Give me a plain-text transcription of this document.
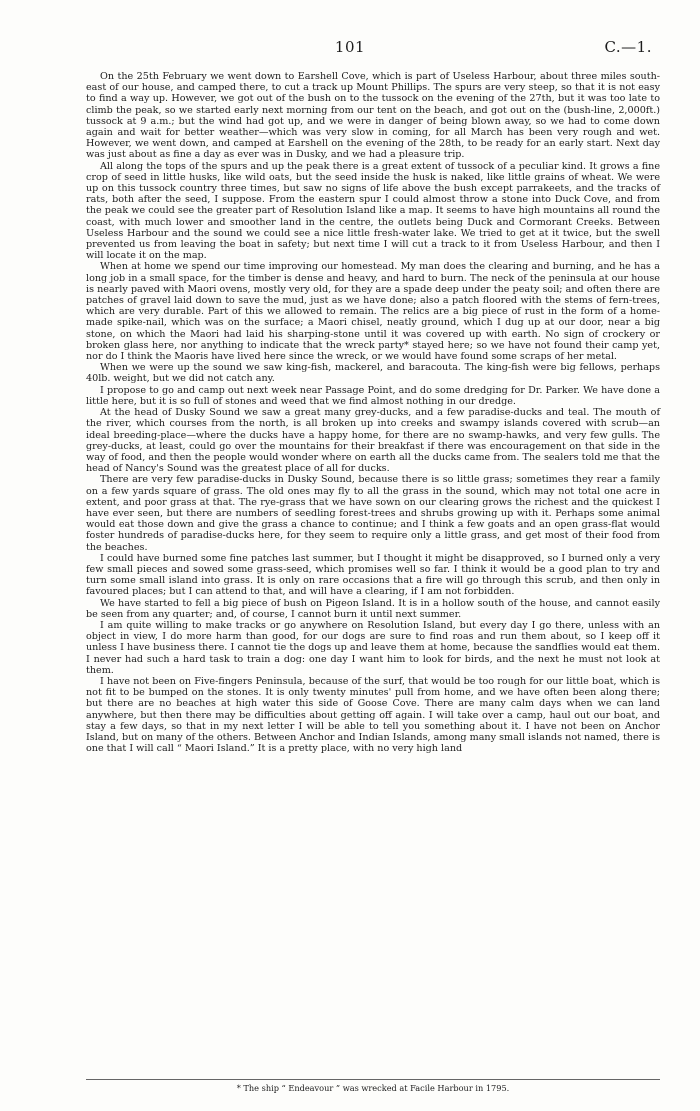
101	C.—1.

On the 25th February we went down to Earshell Cove, which is part of Useless Harbour, about three miles south-east of our house, and camped there, to cut a track up Mount Phillips. The spurs are very steep, so that it is not easy to find a way up. However, we got out of the bush on to the tussock on the evening of the 27th, but it was too late to climb the peak, so we started early next morning from our tent on the beach, and got out on the (bush-line, 2,000ft.) tussock at 9 a.m.; but the wind had got up, and we were in danger of being blown away, so we had to come down again and wait for better weather—which was very slow in coming, for all March has been very rough and wet. However, we went down, and camped at Earshell on the evening of the 28th, to be ready for an early start. Next day was just about as fine a day as ever was in Dusky, and we had a pleasure trip.

All along the tops of the spurs and up the peak there is a great extent of tussock of a peculiar kind. It grows a fine crop of seed in little husks, like wild oats, but the seed inside the husk is naked, like little grains of wheat. We were up on this tussock country three times, but saw no signs of life above the bush except parrakeets, and the tracks of rats, both after the seed, I suppose. From the eastern spur I could almost throw a stone into Duck Cove, and from the peak we could see the greater part of Resolution Island like a map. It seems to have high mountains all round the coast, with much lower and smoother land in the centre, the outlets being Duck and Cormorant Creeks. Between Useless Harbour and the sound we could see a nice little fresh-water lake. We tried to get at it twice, but the swell prevented us from leaving the boat in safety; but next time I will cut a track to it from Useless Harbour, and then I will locate it on the map.

When at home we spend our time improving our homestead. My man does the clearing and burning, and he has a long job in a small space, for the timber is dense and heavy, and hard to burn. The neck of the peninsula at our house is nearly paved with Maori ovens, mostly very old, for they are a spade deep under the peaty soil; and often there are patches of gravel laid down to save the mud, just as we have done; also a patch floored with the stems of fern-trees, which are very durable. Part of this we allowed to remain. The relics are a big piece of rust in the form of a home-made spike-nail, which was on the surface; a Maori chisel, neatly ground, which I dug up at our door, near a big stone, on which the Maori had laid his sharping-stone until it was covered up with earth. No sign of crockery or broken glass here, nor anything to indicate that the wreck party* stayed here; so we have not found their camp yet, nor do I think the Maoris have lived here since the wreck, or we would have found some scraps of her metal.

When we were up the sound we saw king-fish, mackerel, and baracouta. The king-fish were big fellows, perhaps 40lb. weight, but we did not catch any.

I propose to go and camp out next week near Passage Point, and do some dredging for Dr. Parker. We have done a little here, but it is so full of stones and weed that we find almost nothing in our dredge.

At the head of Dusky Sound we saw a great many grey-ducks, and a few paradise-ducks and teal. The mouth of the river, which courses from the north, is all broken up into creeks and swampy islands covered with scrub—an ideal breeding-place—where the ducks have a happy home, for there are no swamp-hawks, and very few gulls. The grey-ducks, at least, could go over the mountains for their breakfast if there was encouragement on that side in the way of food, and then the people would wonder where on earth all the ducks came from. The sealers told me that the head of Nancy's Sound was the greatest place of all for ducks.

There are very few paradise-ducks in Dusky Sound, because there is so little grass; sometimes they rear a family on a few yards square of grass. The old ones may fly to all the grass in the sound, which may not total one acre in extent, and poor grass at that. The rye-grass that we have sown on our clearing grows the richest and the quickest I have ever seen, but there are numbers of seedling forest-trees and shrubs growing up with it. Perhaps some animal would eat those down and give the grass a chance to continue; and I think a few goats and an open grass-flat would foster hundreds of paradise-ducks here, for they seem to require only a little grass, and get most of their food from the beaches.

I could have burned some fine patches last summer, but I thought it might be disapproved, so I burned only a very few small pieces and sowed some grass-seed, which promises well so far. I think it would be a good plan to try and turn some small island into grass. It is only on rare occasions that a fire will go through this scrub, and then only in favoured places; but I can attend to that, and will have a clearing, if I am not forbidden.

We have started to fell a big piece of bush on Pigeon Island. It is in a hollow south of the house, and cannot easily be seen from any quarter; and, of course, I cannot burn it until next summer.

I am quite willing to make tracks or go anywhere on Resolution Island, but every day I go there, unless with an object in view, I do more harm than good, for our dogs are sure to find roas and run them about, so I keep off it unless I have business there. I cannot tie the dogs up and leave them at home, because the sandflies would eat them. I never had such a hard task to train a dog: one day I want him to look for birds, and the next he must not look at them.

I have not been on Five-fingers Peninsula, because of the surf, that would be too rough for our little boat, which is not fit to be bumped on the stones. It is only twenty minutes' pull from home, and we have often been along there; but there are no beaches at high water this side of Goose Cove. There are many calm days when we can land anywhere, but then there may be difficulties about getting off again. I will take over a camp, haul out our boat, and stay a few days, so that in my next letter I will be able to tell you something about it. I have not been on Anchor Island, but on many of the others. Between Anchor and Indian Islands, among many small islands not named, there is one that I will call “ Maori Island.” It is a pretty place, with no very high land

* The ship “ Endeavour ” was wrecked at Facile Harbour in 1795.
